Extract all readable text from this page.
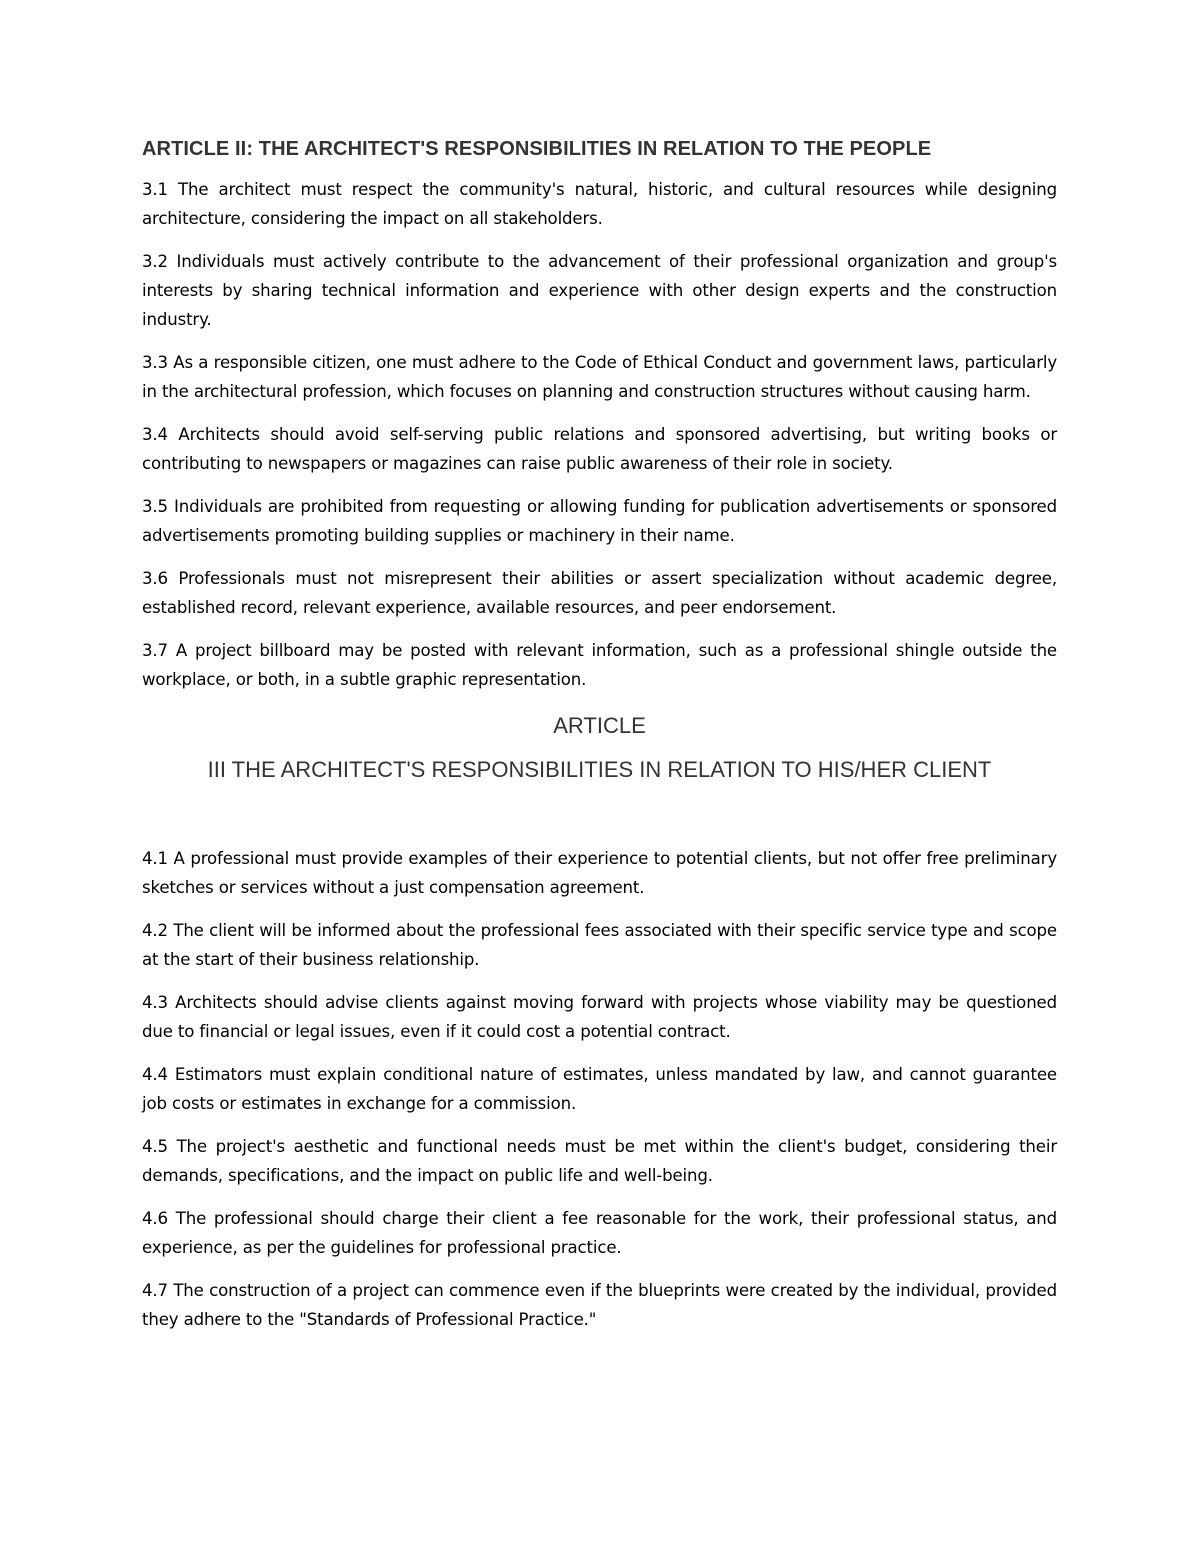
ARTICLE II: THE ARCHITECT'S RESPONSIBILITIES IN RELATION TO THE PEOPLE

3.1 The architect must respect the community's natural, historic, and cultural resources while designing architecture, considering the impact on all stakeholders.

3.2 Individuals must actively contribute to the advancement of their professional organization and group's interests by sharing technical information and experience with other design experts and the construction industry.

3.3 As a responsible citizen, one must adhere to the Code of Ethical Conduct and government laws, particularly in the architectural profession, which focuses on planning and construction structures without causing harm.

3.4 Architects should avoid self-serving public relations and sponsored advertising, but writing books or contributing to newspapers or magazines can raise public awareness of their role in society.

3.5 Individuals are prohibited from requesting or allowing funding for publication advertisements or sponsored advertisements promoting building supplies or machinery in their name.

3.6 Professionals must not misrepresent their abilities or assert specialization without academic degree, established record, relevant experience, available resources, and peer endorsement.

3.7 A project billboard may be posted with relevant information, such as a professional shingle outside the workplace, or both, in a subtle graphic representation.

ARTICLE
III THE ARCHITECT'S RESPONSIBILITIES IN RELATION TO HIS/HER CLIENT

4.1 A professional must provide examples of their experience to potential clients, but not offer free preliminary sketches or services without a just compensation agreement.

4.2 The client will be informed about the professional fees associated with their specific service type and scope at the start of their business relationship.

4.3 Architects should advise clients against moving forward with projects whose viability may be questioned due to financial or legal issues, even if it could cost a potential contract.

4.4 Estimators must explain conditional nature of estimates, unless mandated by law, and cannot guarantee job costs or estimates in exchange for a commission.

4.5 The project's aesthetic and functional needs must be met within the client's budget, considering their demands, specifications, and the impact on public life and well-being.

4.6 The professional should charge their client a fee reasonable for the work, their professional status, and experience, as per the guidelines for professional practice.

4.7 The construction of a project can commence even if the blueprints were created by the individual, provided they adhere to the "Standards of Professional Practice."
